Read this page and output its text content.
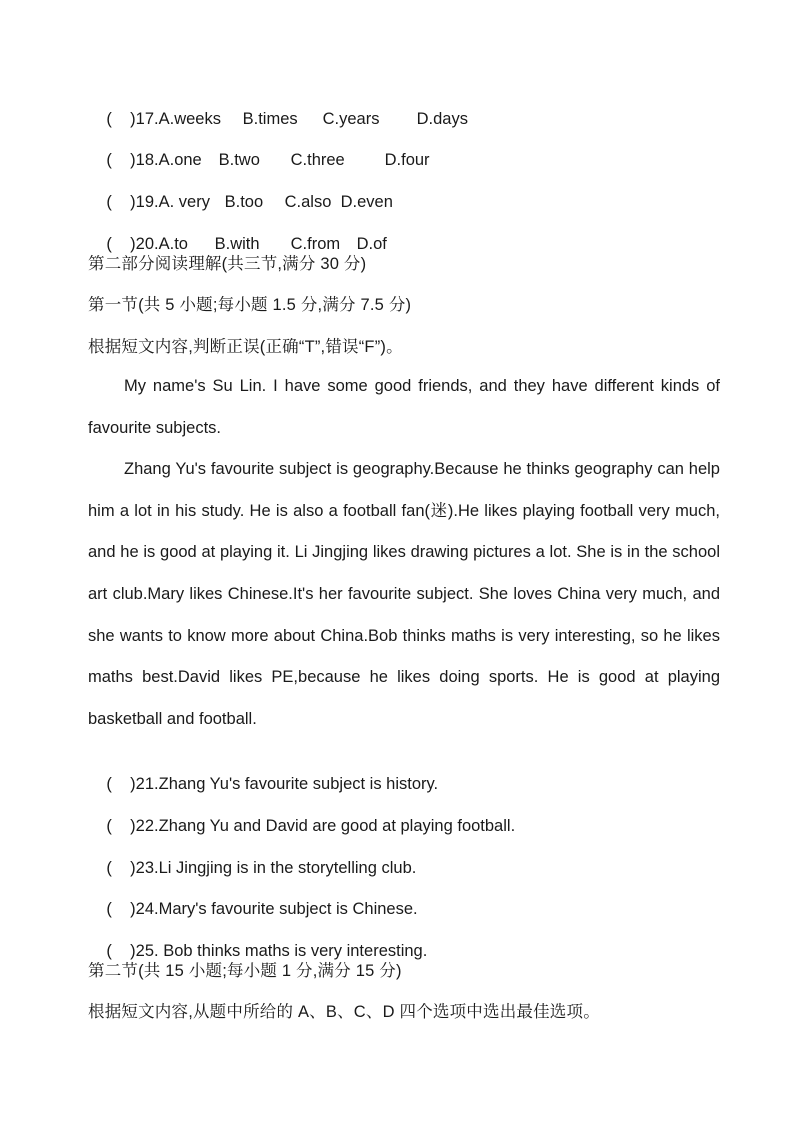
(    )17.A.weeks B.times C.years D.days

(    )18.A.one B.two C.three D.four

(    )19.A. very B.too C.also D.even

(    )20.A.to B.with C.from D.of

第二部分阅读理解(共三节,满分 30 分)
第一节(共 5 小题;每小题 1.5 分,满分 7.5 分)
根据短文内容,判断正误(正确“T”,错误“F”)。

My name's Su Lin. I have some good friends, and they have different kinds of favourite subjects.

Zhang Yu's favourite subject is geography.Because he thinks geography can help him a lot in his study. He is also a football fan(迷).He likes playing football very much, and he is good at playing it. Li Jingjing likes drawing pictures a lot. She is in the school art club.Mary likes Chinese.It's her favourite subject. She loves China very much, and she wants to know more about China.Bob thinks maths is very interesting, so he likes maths best.David likes PE,because he likes doing sports. He is good at playing basketball and football.

(    )21.Zhang Yu's favourite subject is history.

(    )22.Zhang Yu and David are good at playing football.

(    )23.Li Jingjing is in the storytelling club.

(    )24.Mary's favourite subject is Chinese.

(    )25. Bob thinks maths is very interesting.

第二节(共 15 小题;每小题 1 分,满分 15 分)
根据短文内容,从题中所给的 A、B、C、D 四个选项中选出最佳选项。
